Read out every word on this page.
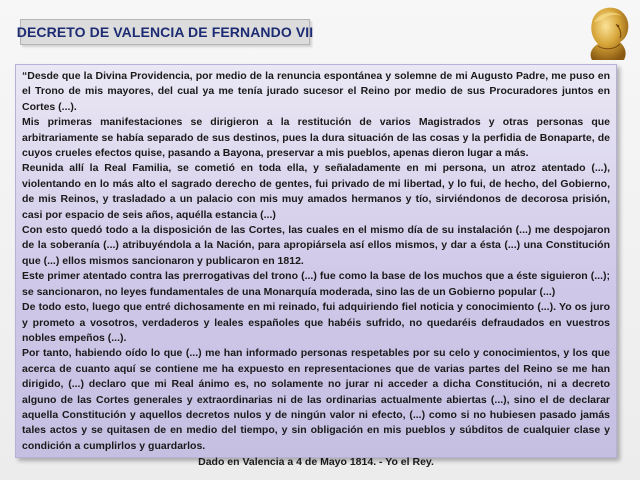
DECRETO DE VALENCIA DE FERNANDO VII

“Desde que la Divina Providencia, por medio de la renuncia espontánea y solemne de mi Augusto Padre, me puso en el Trono de mis mayores, del cual ya me tenía jurado sucesor el Reino por medio de sus Procuradores juntos en Cortes (...).

Mis primeras manifestaciones se dirigieron a la restitución de varios Magistrados y otras personas que arbitrariamente se había separado de sus destinos, pues la dura situación de las cosas y la perfidia de Bonaparte, de cuyos crueles efectos quise, pasando a Bayona, preservar a mis pueblos, apenas dieron lugar a más.

Reunida allí la Real Familia, se cometió en toda ella, y señaladamente en mi persona, un atroz atentado (...), violentando en lo más alto el sagrado derecho de gentes, fui privado de mi libertad, y lo fui, de hecho, del Gobierno, de mis Reinos, y trasladado a un palacio con mis muy amados hermanos y tío, sirviéndonos de decorosa prisión, casi por espacio de seis años, aquélla estancia (...)

Con esto quedó todo a la disposición de las Cortes, las cuales en el mismo día de su instalación (...) me despojaron de la soberanía (...) atribuyéndola a la Nación, para apropiársela así ellos mismos, y dar a ésta (...) una Constitución que (...) ellos mismos sancionaron y publicaron en 1812.

Este primer atentado contra las prerrogativas del trono (...) fue como la base de los muchos que a éste siguieron (...); se sancionaron, no leyes fundamentales de una Monarquía moderada, sino las de un Gobierno popular (...)

De todo esto, luego que entré dichosamente en mi reinado, fui adquiriendo fiel noticia y conocimiento (...). Yo os juro y prometo a vosotros, verdaderos y leales españoles que habéis sufrido, no quedaréis defraudados en vuestros nobles empeños (...).

Por tanto, habiendo oído lo que (...) me han informado personas respetables por su celo y conocimientos, y los que acerca de cuanto aquí se contiene me ha expuesto en representaciones que de varias partes del Reino se me han dirigido, (...) declaro que mi Real ánimo es, no solamente no jurar ni acceder a dicha Constitución, ni a decreto alguno de las Cortes generales y extraordinarias ni de las ordinarias actualmente abiertas (...), sino el de declarar aquella Constitución y aquellos decretos nulos y de ningún valor ni efecto, (...) como si no hubiesen pasado jamás tales actos y se quitasen de en medio del tiempo, y sin obligación en mis pueblos y súbditos de cualquier clase y condición a cumplirlos y guardarlos.

Dado en Valencia a 4 de Mayo 1814. - Yo el Rey.
